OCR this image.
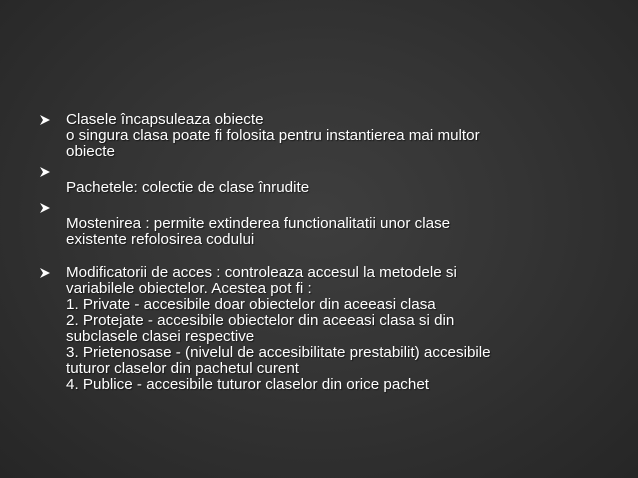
Clasele încapsuleaza obiecte
o singura clasa poate fi folosita pentru instantierea mai multor
obiecte

Pachetele: colectie de clase înrudite

Mostenirea : permite extinderea functionalitatii unor clase
existente refolosirea codului
Modificatorii de acces : controleaza accesul la metodele si
variabilele obiectelor. Acestea pot fi :
1. Private - accesibile doar obiectelor din aceeasi clasa
2. Protejate - accesibile obiectelor din aceeasi clasa si din
subclasele clasei respective
3. Prietenosase - (nivelul de accesibilitate prestabilit) accesibile
tuturor claselor din pachetul curent
4. Publice - accesibile tuturor claselor din orice pachet
